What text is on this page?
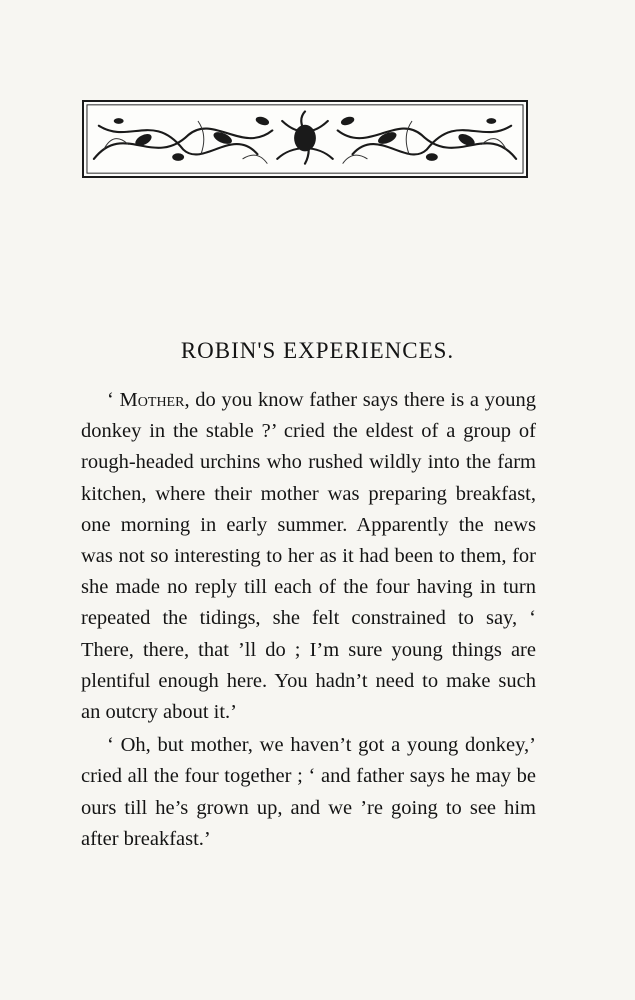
ROBIN'S EXPERIENCES.

‘ Mother, do you know father says there is a young donkey in the stable ?’ cried the eldest of a group of rough-headed urchins who rushed wildly into the farm kitchen, where their mother was preparing breakfast, one morning in early summer. Apparently the news was not so interesting to her as it had been to them, for she made no reply till each of the four having in turn repeated the tidings, she felt constrained to say, ‘ There, there, that ’ll do ; I’m sure young things are plentiful enough here. You hadn’t need to make such an outcry about it.’

‘ Oh, but mother, we haven’t got a young donkey,’ cried all the four together ; ‘ and father says he may be ours till he’s grown up, and we ’re going to see him after breakfast.’
